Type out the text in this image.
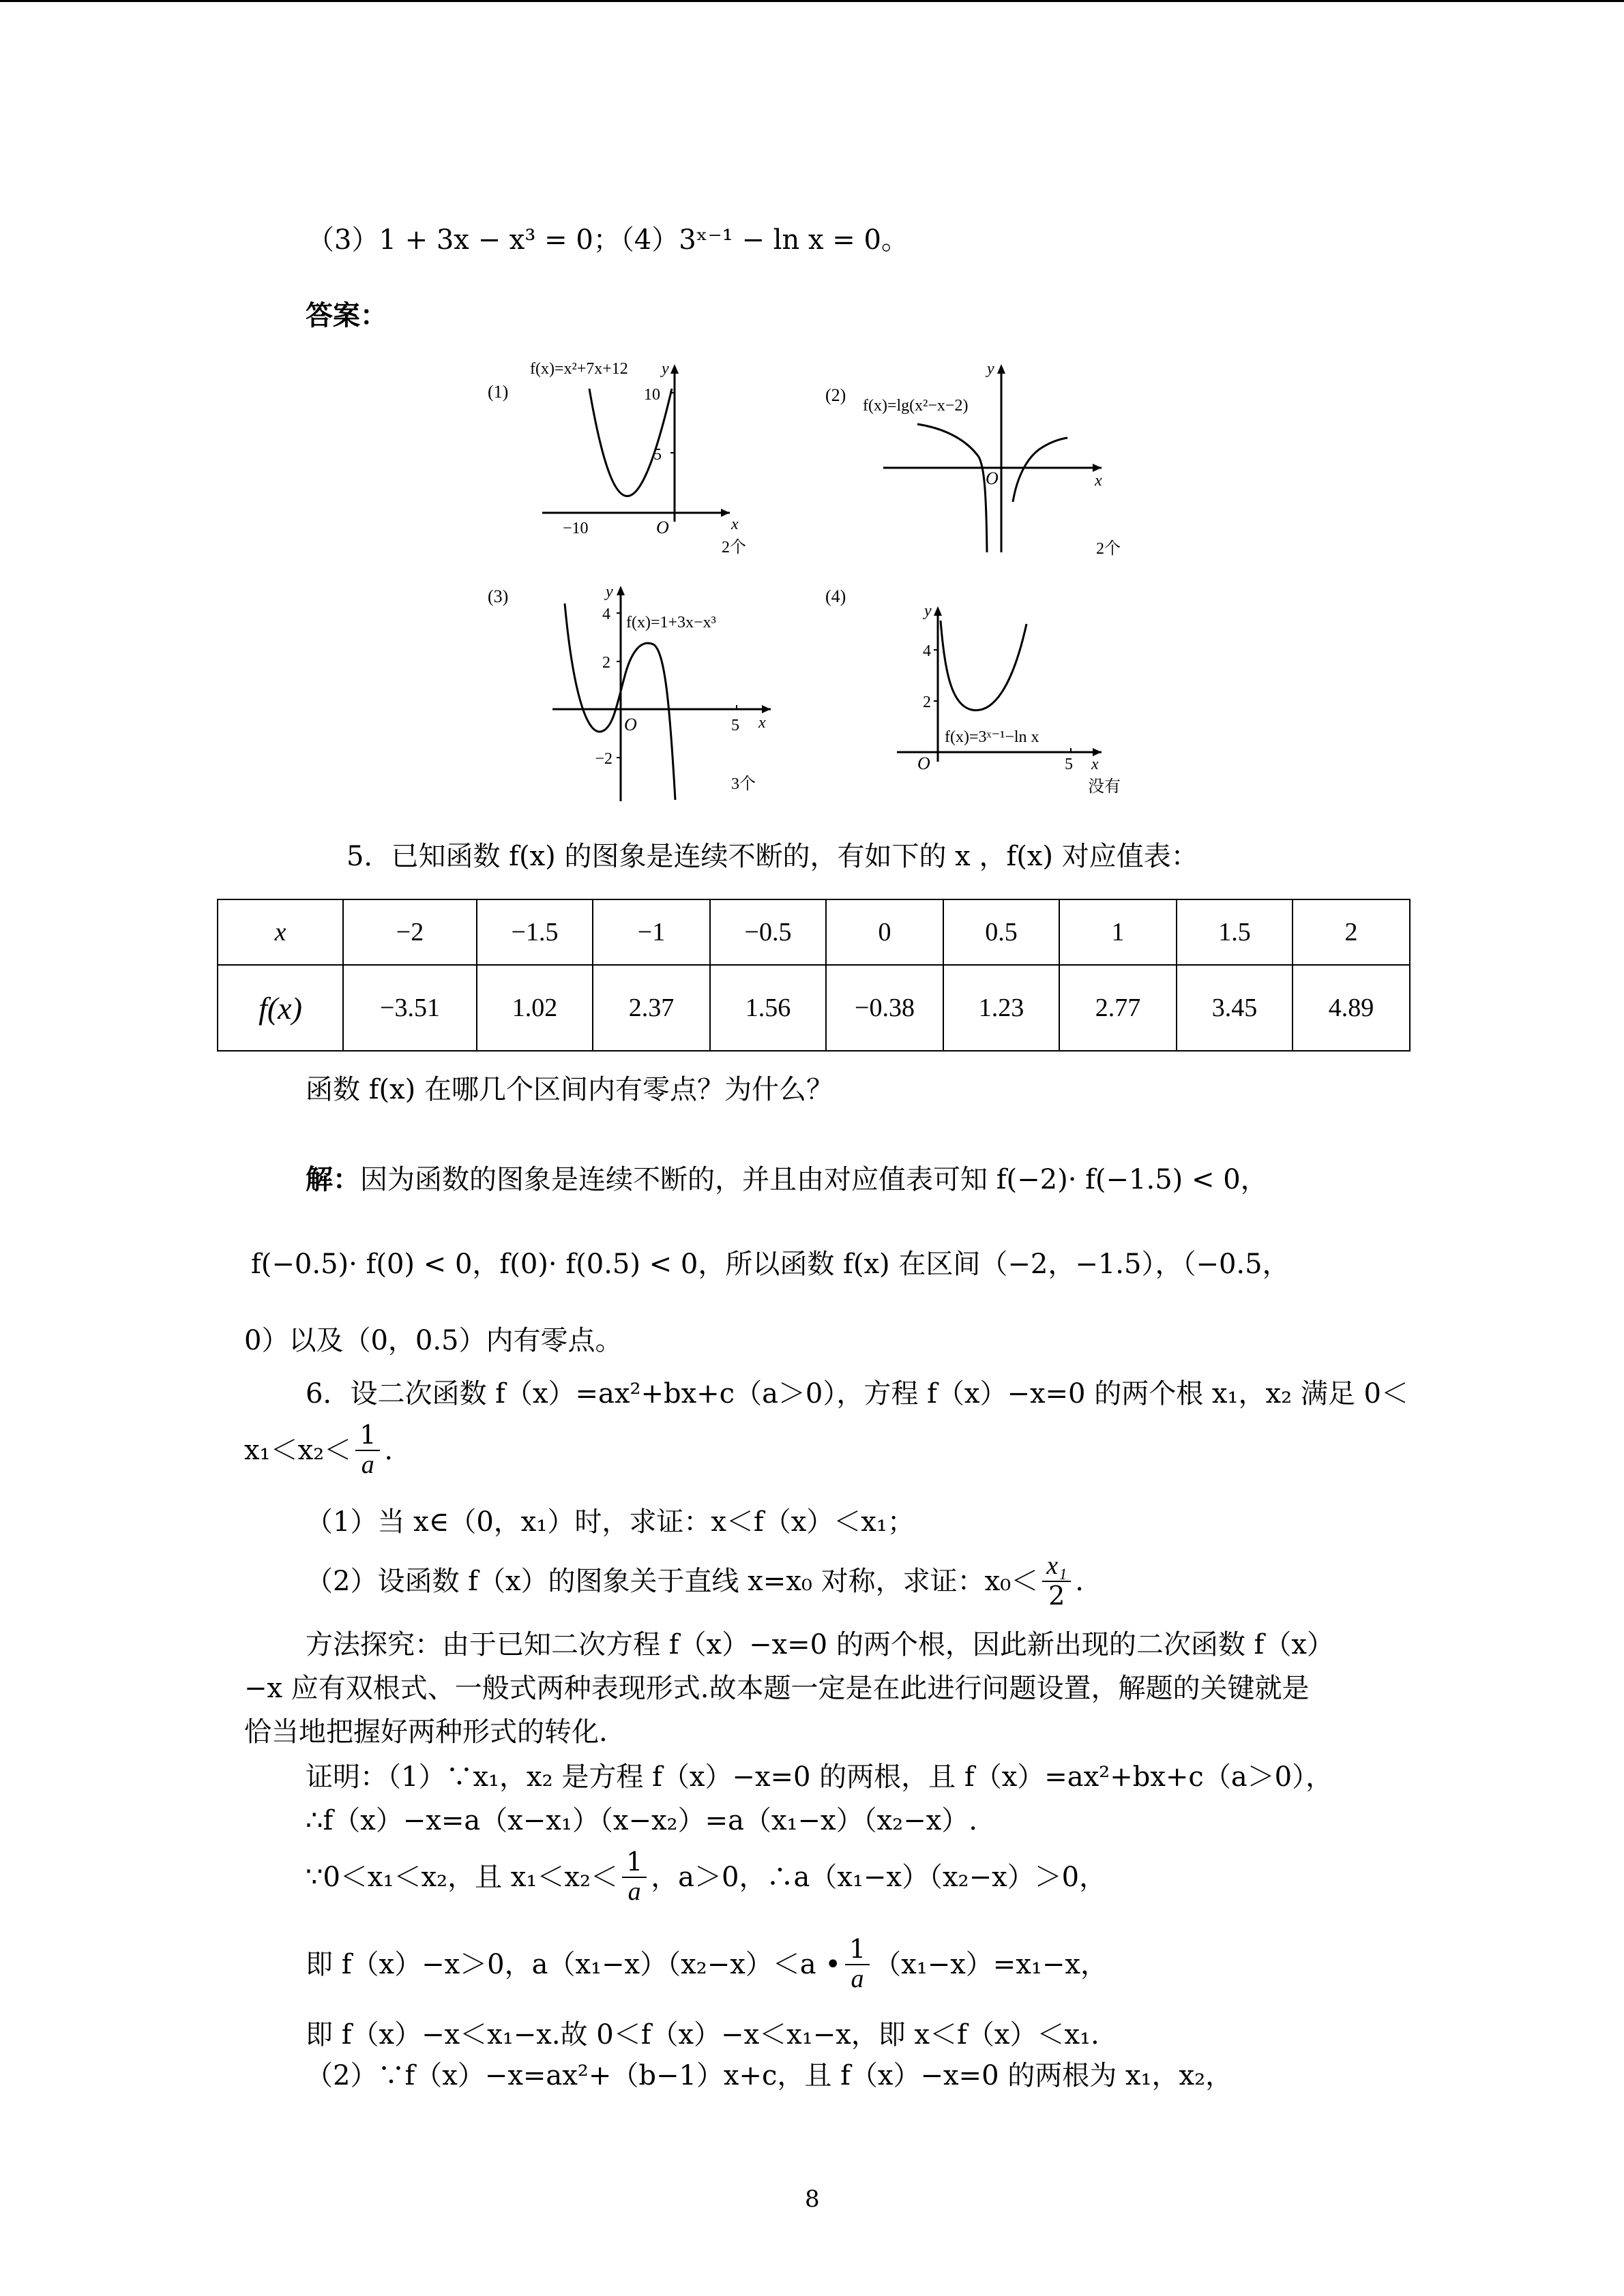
（3）1 + 3x − x³ = 0；（4）3ˣ⁻¹ − ln x = 0。
答案：
(1)
f(x)=x²+7x+12
10
5
−10	O	x
y
2个
(2)
f(x)=lg(x²−x−2)
O	x
y
2个
(3)
4
2
−2
5
O	x
y
f(x)=1+3x−x³
3个
(4)
4
2
5
O	x
y
f(x)=3ˣ⁻¹−ln x
没有
5．已知函数 f(x) 的图象是连续不断的，有如下的 x ，f(x) 对应值表：
x	−2	−1.5	−1	−0.5	0	0.5	1	1.5	2
f(x)	−3.51	1.02	2.37	1.56	−0.38	1.23	2.77	3.45	4.89
函数 f(x) 在哪几个区间内有零点？为什么？
解：因为函数的图象是连续不断的，并且由对应值表可知 f(−2)· f(−1.5) < 0，
f(−0.5)· f(0) < 0，f(0)· f(0.5) < 0，所以函数 f(x) 在区间（−2，−1.5），（−0.5，
0）以及（0，0.5）内有零点。
6．设二次函数 f（x）=ax²+bx+c（a＞0），方程 f（x）−x=0 的两个根 x₁，x₂ 满足 0＜
$x_1<x_2< \frac{1}{a}$ .
（1）当 x∈（0，x₁）时，求证：x＜f（x）＜x₁；
（2）设函数 f（x）的图象关于直线 x=x₀ 对称，求证：$x_0< \frac{\text{x₁}}{2}$ .
方法探究：由于已知二次方程 f（x）−x=0 的两个根，因此新出现的二次函数 f（x）
−x 应有双根式、一般式两种表现形式.故本题一定是在此进行问题设置，解题的关键就是
恰当地把握好两种形式的转化.
证明：（1）∵x₁，x₂ 是方程 f（x）−x=0 的两根，且 f（x）=ax²+bx+c（a＞0），
∴f（x）−x=a（x−x₁）（x−x₂）=a（x₁−x）（x₂−x）.
∵0＜x₁＜x₂，且 $x_1<x_2< \frac{1}{a}$ ，a＞0，∴a（x₁−x）（x₂−x）＞0，
即 f（x）−x＞0，a（x₁−x）（x₂−x）＜a • $\frac{1}{a} (x_1-x)=x_1-x$，
即 f（x）−x＜x₁−x.故 0＜f（x）−x＜x₁−x，即 x＜f（x）＜x₁.
（2）∵f（x）−x=ax²+（b−1）x+c，且 f（x）−x=0 的两根为 x₁，x₂，
8
